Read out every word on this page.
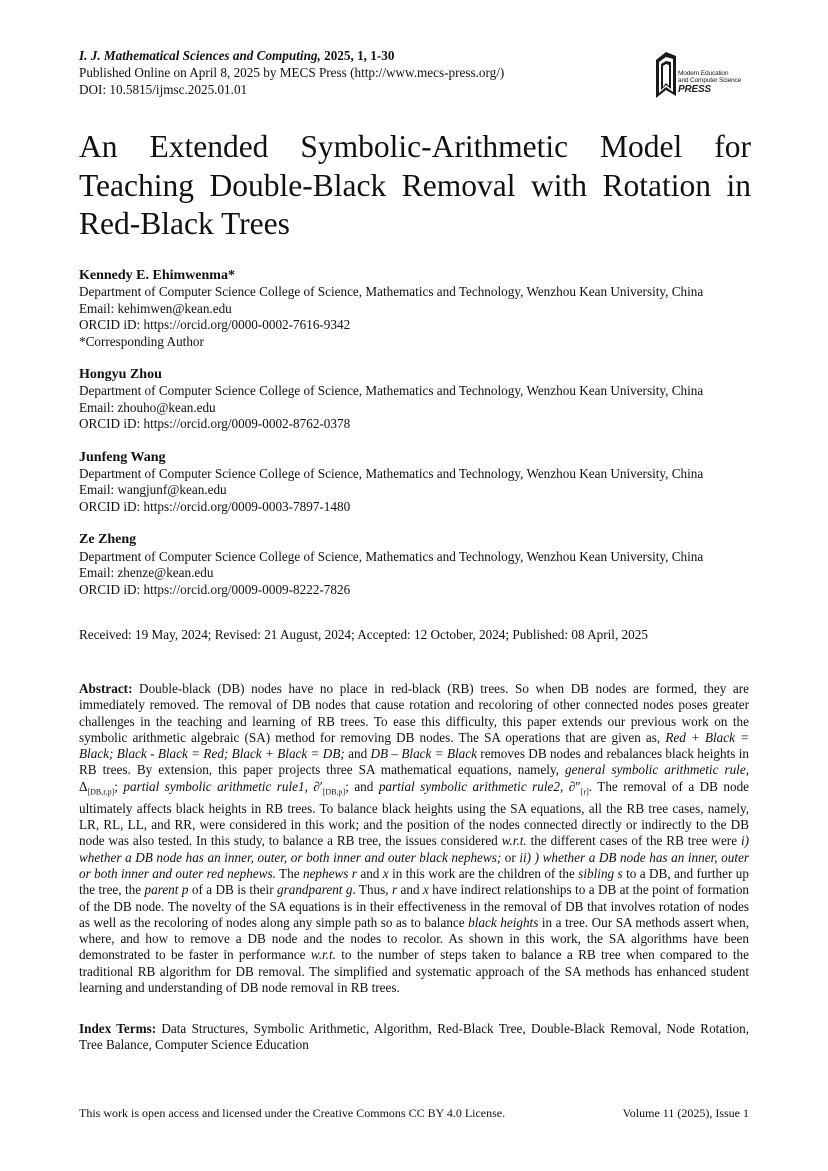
I. J. Mathematical Sciences and Computing, 2025, 1, 1-30
Published Online on April 8, 2025 by MECS Press (http://www.mecs-press.org/)
DOI: 10.5815/ijmsc.2025.01.01
Modern Education
and Computer Science
PRESS
An Extended Symbolic-Arithmetic Model for Teaching Double-Black Removal with Rotation in Red-Black Trees
Kennedy E. Ehimwenma*
Department of Computer Science College of Science, Mathematics and Technology, Wenzhou Kean University, China
Email: kehimwen@kean.edu
ORCID iD: https://orcid.org/0000-0002-7616-9342
*Corresponding Author
Hongyu Zhou
Department of Computer Science College of Science, Mathematics and Technology, Wenzhou Kean University, China
Email: zhouho@kean.edu
ORCID iD: https://orcid.org/0009-0002-8762-0378
Junfeng Wang
Department of Computer Science College of Science, Mathematics and Technology, Wenzhou Kean University, China
Email: wangjunf@kean.edu
ORCID iD: https://orcid.org/0009-0003-7897-1480
Ze Zheng
Department of Computer Science College of Science, Mathematics and Technology, Wenzhou Kean University, China
Email: zhenze@kean.edu
ORCID iD: https://orcid.org/0009-0009-8222-7826
Received: 19 May, 2024; Revised: 21 August, 2024; Accepted: 12 October, 2024; Published: 08 April, 2025
Abstract: Double-black (DB) nodes have no place in red-black (RB) trees. So when DB nodes are formed, they are immediately removed. The removal of DB nodes that cause rotation and recoloring of other connected nodes poses greater challenges in the teaching and learning of RB trees. To ease this difficulty, this paper extends our previous work on the symbolic arithmetic algebraic (SA) method for removing DB nodes. The SA operations that are given as, Red + Black = Black; Black - Black = Red; Black + Black = DB; and DB – Black = Black removes DB nodes and rebalances black heights in RB trees. By extension, this paper projects three SA mathematical equations, namely, general symbolic arithmetic rule, $\Delta_{[DB,r,p]}$; partial symbolic arithmetic rule1, $\partial'_{[DB,p]}$; and partial symbolic arithmetic rule2, $\partial''_{[r]}$. The removal of a DB node ultimately affects black heights in RB trees. To balance black heights using the SA equations, all the RB tree cases, namely, LR, RL, LL, and RR, were considered in this work; and the position of the nodes connected directly or indirectly to the DB node was also tested. In this study, to balance a RB tree, the issues considered w.r.t. the different cases of the RB tree were i) whether a DB node has an inner, outer, or both inner and outer black nephews; or ii) ) whether a DB node has an inner, outer or both inner and outer red nephews. The nephews r and x in this work are the children of the sibling s to a DB, and further up the tree, the parent p of a DB is their grandparent g. Thus, r and x have indirect relationships to a DB at the point of formation of the DB node. The novelty of the SA equations is in their effectiveness in the removal of DB that involves rotation of nodes as well as the recoloring of nodes along any simple path so as to balance black heights in a tree. Our SA methods assert when, where, and how to remove a DB node and the nodes to recolor. As shown in this work, the SA algorithms have been demonstrated to be faster in performance w.r.t. to the number of steps taken to balance a RB tree when compared to the traditional RB algorithm for DB removal. The simplified and systematic approach of the SA methods has enhanced student learning and understanding of DB node removal in RB trees.
Index Terms: Data Structures, Symbolic Arithmetic, Algorithm, Red-Black Tree, Double-Black Removal, Node Rotation, Tree Balance, Computer Science Education
This work is open access and licensed under the Creative Commons CC BY 4.0 License.	Volume 11 (2025), Issue 1
